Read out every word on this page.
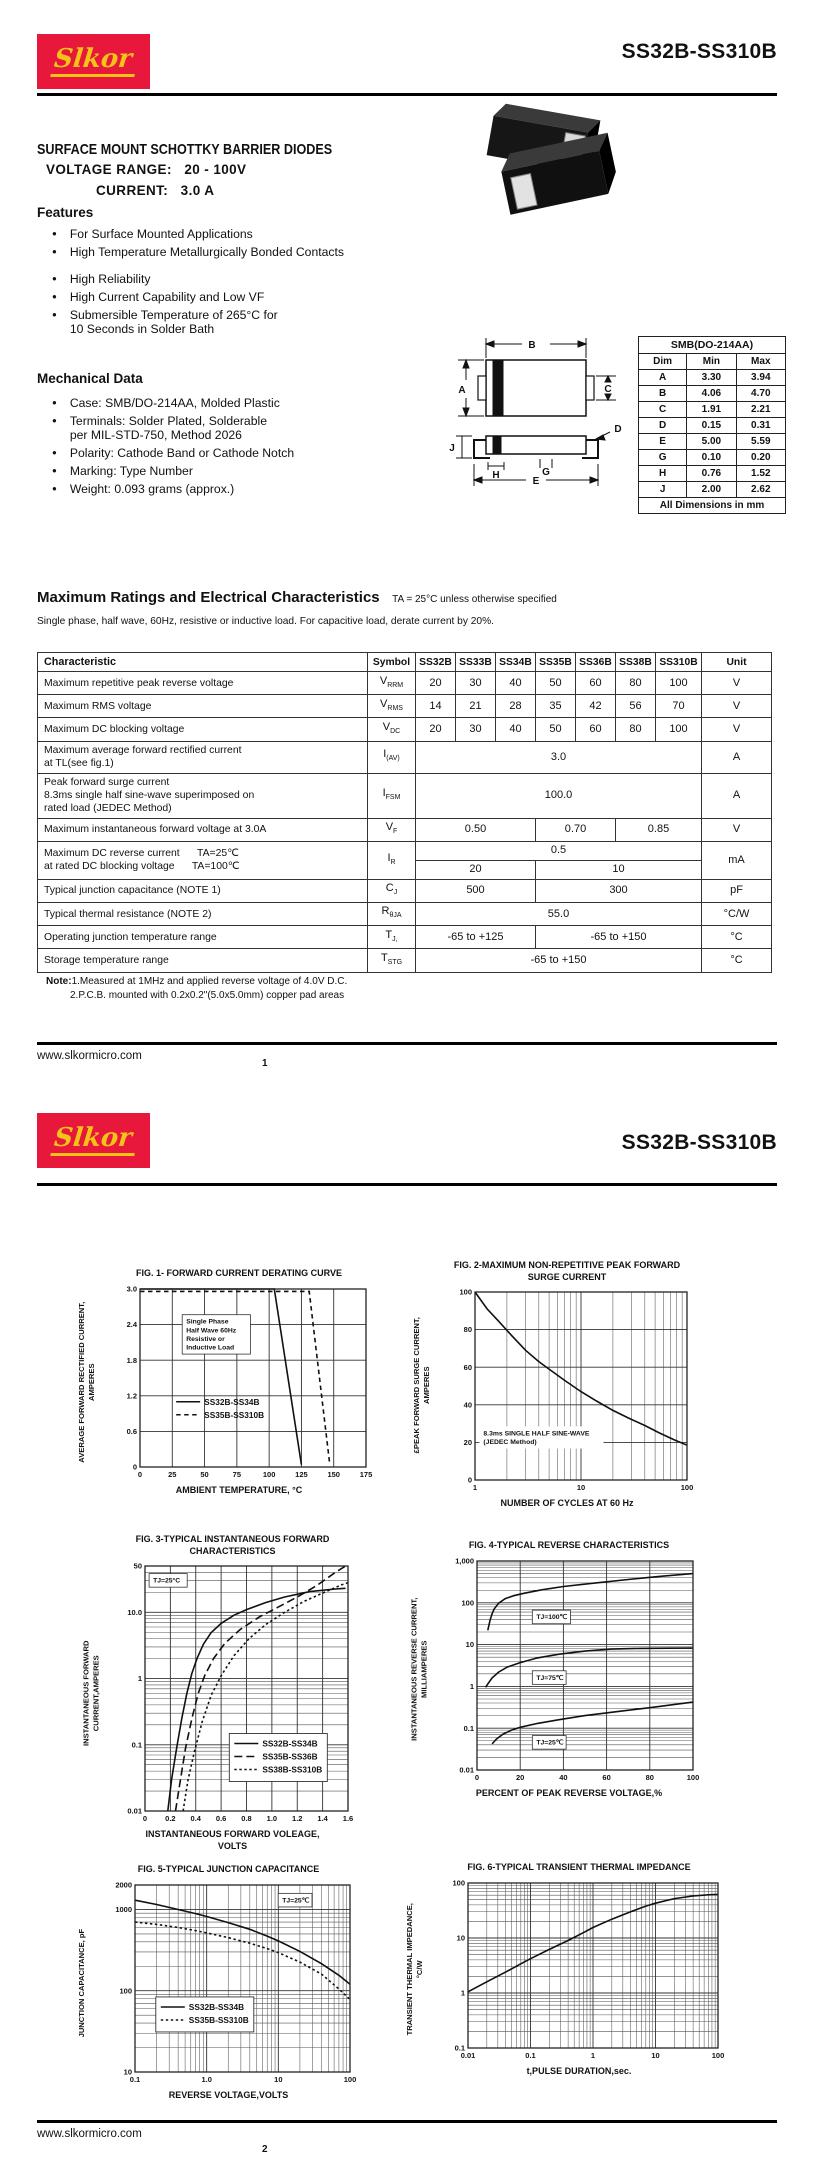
Slkor	SS32B-SS310B
SURFACE MOUNT SCHOTTKY BARRIER DIODES
VOLTAGE RANGE: 20 - 100V
CURRENT: 3.0 A
Features
● For Surface Mounted Applications
● High Temperature Metallurgically Bonded Contacts
● High Reliability
● High Current Capability and Low VF
● Submersible Temperature of 265°C for
10 Seconds in Solder Bath
Mechanical Data
● Case: SMB/DO-214AA, Molded Plastic
● Terminals: Solder Plated, Solderable
per MIL-STD-750, Method 2026
● Polarity: Cathode Band or Cathode Notch
● Marking: Type Number
● Weight: 0.093 grams (approx.)
B
A	C
D
J
H	G
E
SMB(DO-214AA)		
Dim	Min	Max
A	3.30	3.94
B	4.06	4.70
C	1.91	2.21
D	0.15	0.31
E	5.00	5.59
G	0.10	0.20
H	0.76	1.52
J	2.00	2.62
All Dimensions in mm		
Maximum Ratings and Electrical Characteristics TA = 25°C unless otherwise specified
Single phase, half wave, 60Hz, resistive or inductive load. For capacitive load, derate current by 20%.
Characteristic	Symbol	SS32B	SS33B	SS34B	SS35B	SS36B	SS38B	SS310B	Unit
Maximum repetitive peak reverse voltage	$V_{RRM}$	20	30	40	50	60	80	100	V
Maximum RMS voltage	$V_{RMS}$	14	21	28	35	42	56	70	V
Maximum DC blocking voltage	$V_{DC}$	20	30	40	50	60	80	100	V
Maximum average forward rectified current
at TL(see fig.1)	$I_{(AV)}$	3.0							A
Peak forward surge current
8.3ms single half sine-wave superimposed on
rated load (JEDEC Method)	$I_{FSM}$	100.0							A
Maximum instantaneous forward voltage at 3.0A	$V_F$	0.50			0.70		0.85		V
Maximum DC reverse current      TA=25℃
at rated DC blocking voltage      TA=100℃	$I_R$	0.5							mA
		20			10				
Typical junction capacitance (NOTE 1)	$C_J$	500			300				pF
Typical thermal resistance (NOTE 2)	$R_{\theta JA}$	55.0							°C/W
Operating junction temperature range	$T_{J,}$	-65 to +125			-65 to +150				°C
Storage temperature range	$T_{STG}$	-65 to +150							°C
Note:1.Measured at 1MHz and applied reverse voltage of 4.0V D.C.
2.P.C.B. mounted with 0.2x0.2"(5.0x5.0mm) copper pad areas
www.slkormicro.com
1
Slkor	SS32B-SS310B
AVERAGE FORWARD RECTIFIED CURRENT,
AMPERES
FIG. 1- FORWARD CURRENT DERATING CURVE
0	25	50	75	100	125	150	175
0
0.6
1.2
1.8
2.4
3.0
Single Phase
Half Wave 60Hz
Resistive or
Inductive Load
SS32B-SS34B
SS35B-SS310B
AMBIENT TEMPERATURE, °C
£PEAK FORWARD SURGE CURRENT,
AMPERES
FIG. 2-MAXIMUM NON-REPETITIVE PEAK FORWARD
SURGE CURRENT
1	10	100
0
20
40
60
80
100
8.3ms SINGLE HALF SINE-WAVE
(JEDEC Method)
NUMBER OF CYCLES AT 60 Hz
INSTANTANEOUS FORWARD
CURRENT,AMPERES
FIG. 3-TYPICAL INSTANTANEOUS FORWARD
CHARACTERISTICS
0 0.2 0.4 0.6 0.8 1.0 1.2 1.4 1.6
0.01
0.1
1
10.0
50
TJ=25°C
SS32B-SS34B
SS35B-SS36B
SS38B-SS310B
INSTANTANEOUS FORWARD VOLEAGE,
VOLTS
INSTANTANEOUS REVERSE CURRENT,
MILLIAMPERES
FIG. 4-TYPICAL REVERSE CHARACTERISTICS
0	20	40	60	80	100
0.01
0.1
1
10
100
1,000
TJ=100℃
TJ=75℃
TJ=25℃
PERCENT OF PEAK REVERSE VOLTAGE,%
JUNCTION CAPACITANCE, pF
FIG. 5-TYPICAL JUNCTION CAPACITANCE
0.1	1.0	10	100
10
100
1000
2000
TJ=25℃
SS32B-SS34B
SS35B-SS310B
REVERSE VOLTAGE,VOLTS
TRANSIENT THERMAL IMPEDANCE,
°C/W
FIG. 6-TYPICAL TRANSIENT THERMAL IMPEDANCE
0.01	0.1	1	10	100
0.1
1
10
100
t,PULSE DURATION,sec.
www.slkormicro.com
2
